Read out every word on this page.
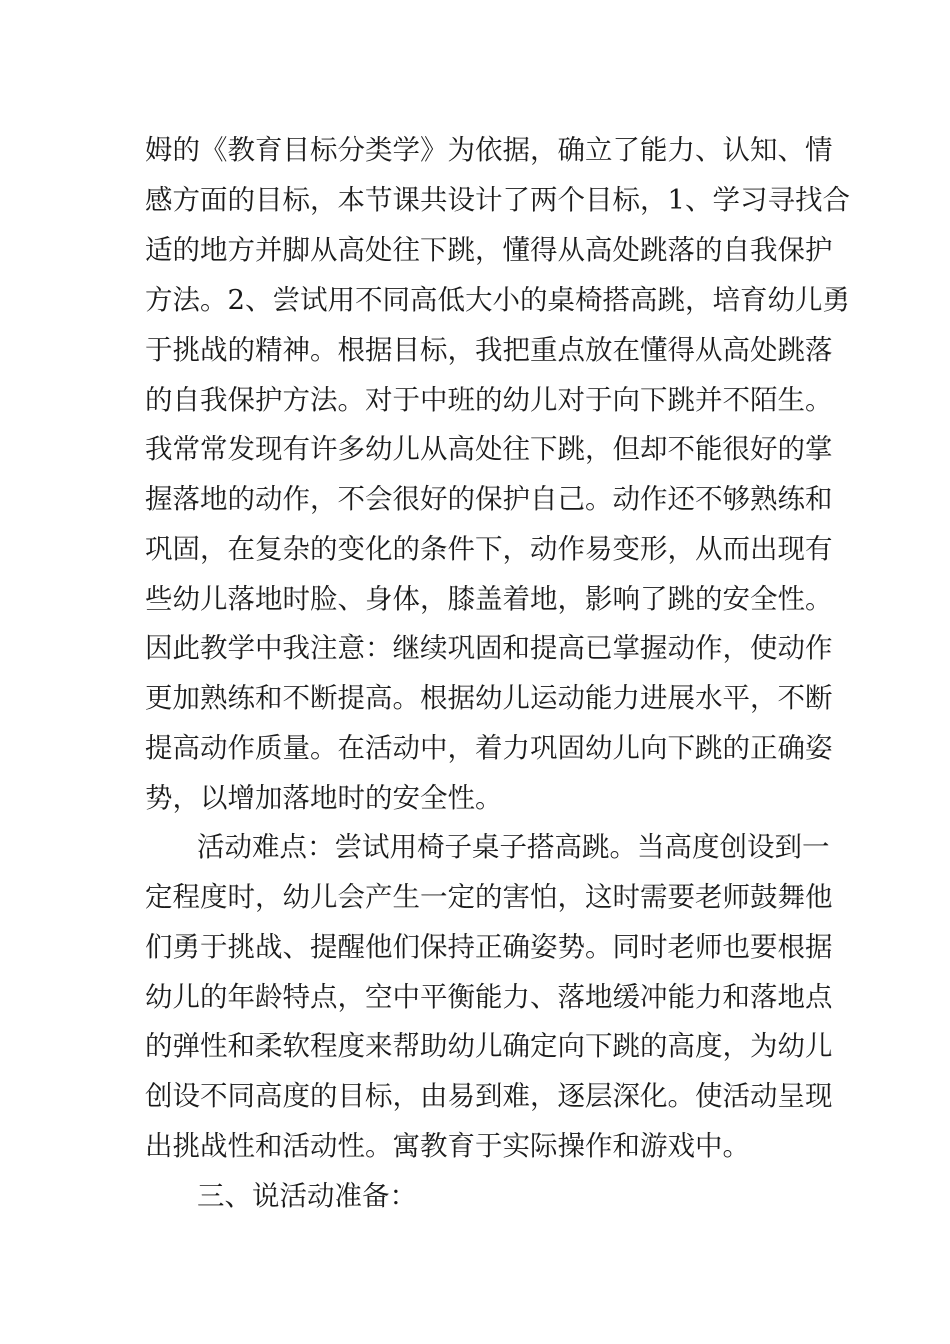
姆的《教育目标分类学》为依据，确立了能力、认知、情
感方面的目标，本节课共设计了两个目标，1、学习寻找合
适的地方并脚从高处往下跳，懂得从高处跳落的自我保护
方法。2、尝试用不同高低大小的桌椅搭高跳，培育幼儿勇
于挑战的精神。根据目标，我把重点放在懂得从高处跳落
的自我保护方法。对于中班的幼儿对于向下跳并不陌生。
我常常发现有许多幼儿从高处往下跳，但却不能很好的掌
握落地的动作，不会很好的保护自己。动作还不够熟练和
巩固，在复杂的变化的条件下，动作易变形，从而出现有
些幼儿落地时脸、身体，膝盖着地，影响了跳的安全性。
因此教学中我注意：继续巩固和提高已掌握动作，使动作
更加熟练和不断提高。根据幼儿运动能力进展水平，不断
提高动作质量。在活动中，着力巩固幼儿向下跳的正确姿
势，以增加落地时的安全性。
活动难点：尝试用椅子桌子搭高跳。当高度创设到一
定程度时，幼儿会产生一定的害怕，这时需要老师鼓舞他
们勇于挑战、提醒他们保持正确姿势。同时老师也要根据
幼儿的年龄特点，空中平衡能力、落地缓冲能力和落地点
的弹性和柔软程度来帮助幼儿确定向下跳的高度，为幼儿
创设不同高度的目标，由易到难，逐层深化。使活动呈现
出挑战性和活动性。寓教育于实际操作和游戏中。
三、说活动准备：
